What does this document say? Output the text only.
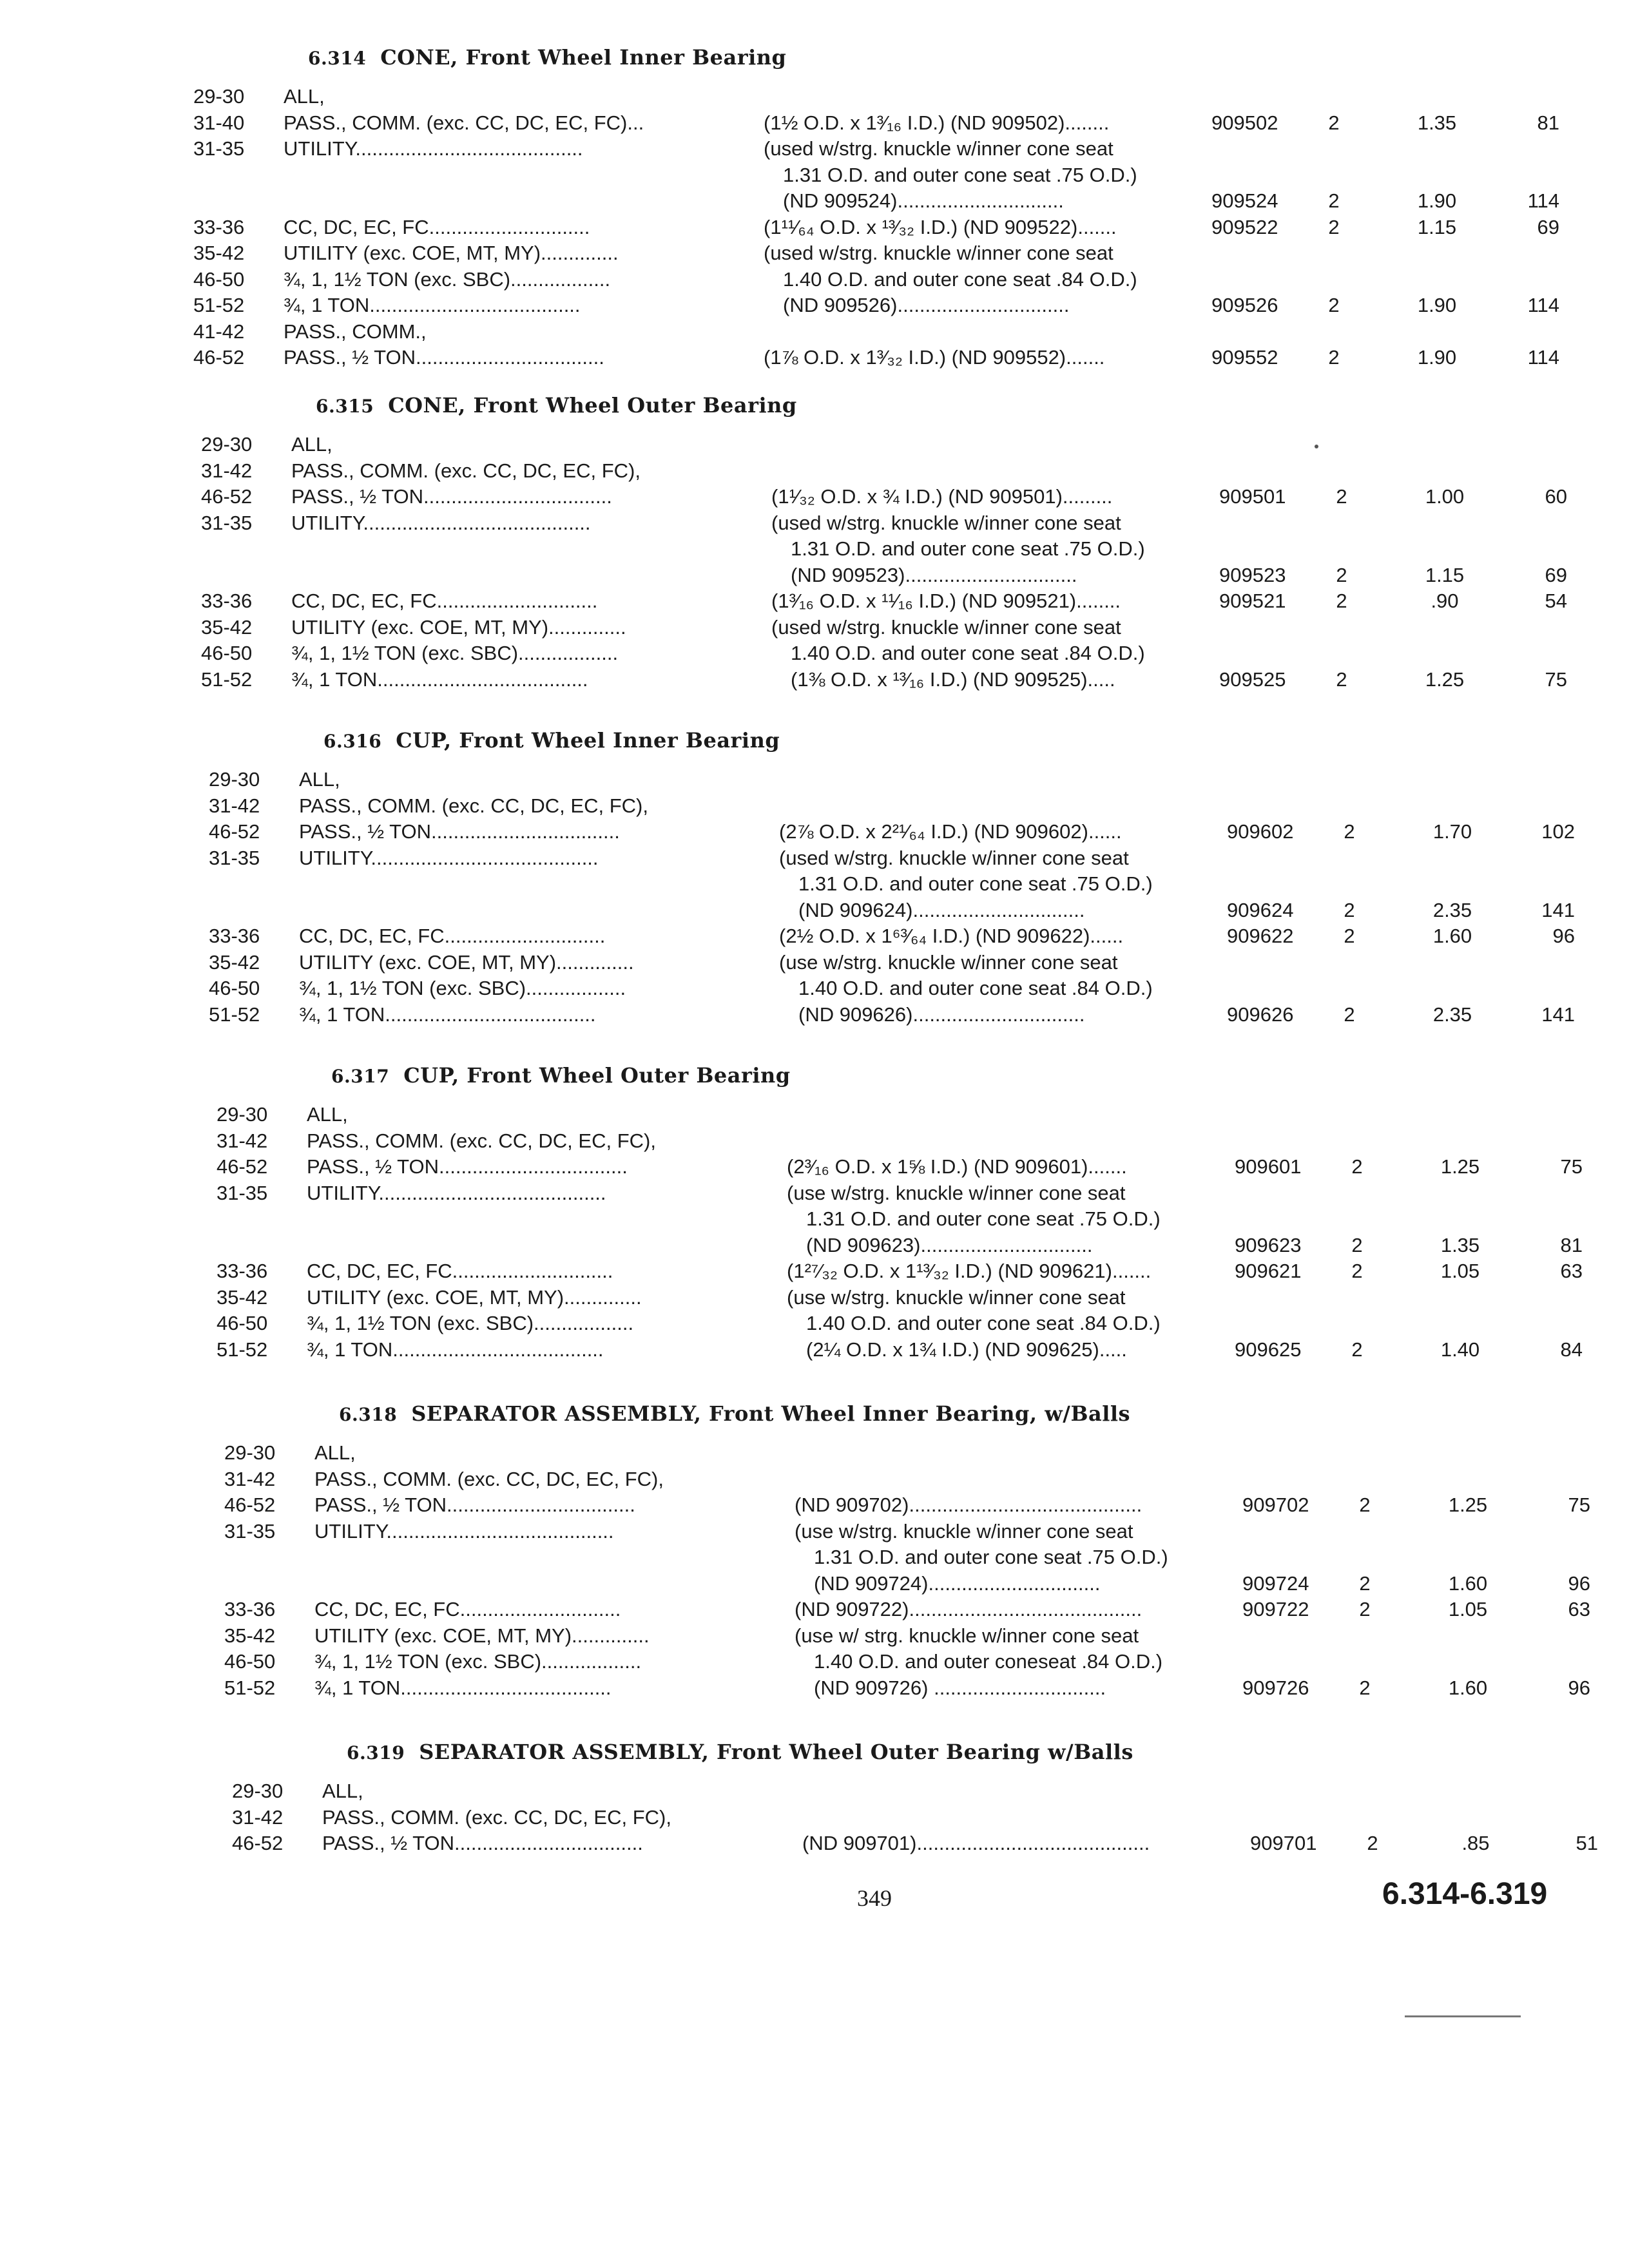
6.314 CONE, Front Wheel Inner Bearing
29-30	ALL,
31-40	PASS., COMM. (exc. CC, DC, EC, FC)...	(1½ O.D. x 1³⁄₁₆ I.D.) (ND 909502)........	909502	2	1.35	81
31-35	UTILITY.........................................	(used w/strg. knuckle w/inner cone seat
1.31 O.D. and outer cone seat .75 O.D.)
(ND 909524)..............................	909524	2	1.90	114
33-36	CC, DC, EC, FC.............................	(1¹¹⁄₆₄ O.D. x ¹³⁄₃₂ I.D.) (ND 909522).......	909522	2	1.15	69
35-42	UTILITY (exc. COE, MT, MY)..............	(used w/strg. knuckle w/inner cone seat
46-50	¾, 1, 1½ TON (exc. SBC)..................	1.40 O.D. and outer cone seat .84 O.D.)
51-52	¾, 1 TON......................................	(ND 909526)...............................	909526	2	1.90	114
41-42	PASS., COMM.,
46-52	PASS., ½ TON..................................	(1⅞ O.D. x 1³⁄₃₂ I.D.) (ND 909552).......	909552	2	1.90	114
6.315 CONE, Front Wheel Outer Bearing
29-30	ALL,
31-42	PASS., COMM. (exc. CC, DC, EC, FC),
46-52	PASS., ½ TON..................................	(1¹⁄₃₂ O.D. x ¾ I.D.) (ND 909501).........	909501	2	1.00	60
31-35	UTILITY.........................................	(used w/strg. knuckle w/inner cone seat
1.31 O.D. and outer cone seat .75 O.D.)
(ND 909523)...............................	909523	2	1.15	69
33-36	CC, DC, EC, FC.............................	(1³⁄₁₆ O.D. x ¹¹⁄₁₆ I.D.) (ND 909521)........	909521	2	.90	54
35-42	UTILITY (exc. COE, MT, MY)..............	(used w/strg. knuckle w/inner cone seat
46-50	¾, 1, 1½ TON (exc. SBC)..................	1.40 O.D. and outer cone seat .84 O.D.)
51-52	¾, 1 TON......................................	(1⅜ O.D. x ¹³⁄₁₆ I.D.) (ND 909525).....	909525	2	1.25	75
6.316 CUP, Front Wheel Inner Bearing
29-30	ALL,
31-42	PASS., COMM. (exc. CC, DC, EC, FC),
46-52	PASS., ½ TON..................................	(2⅞ O.D. x 2²¹⁄₆₄ I.D.) (ND 909602)......	909602	2	1.70	102
31-35	UTILITY.........................................	(used w/strg. knuckle w/inner cone seat
1.31 O.D. and outer cone seat .75 O.D.)
(ND 909624)...............................	909624	2	2.35	141
33-36	CC, DC, EC, FC.............................	(2½ O.D. x 1⁶³⁄₆₄ I.D.) (ND 909622)......	909622	2	1.60	96
35-42	UTILITY (exc. COE, MT, MY)..............	(use w/strg. knuckle w/inner cone seat
46-50	¾, 1, 1½ TON (exc. SBC)..................	1.40 O.D. and outer cone seat .84 O.D.)
51-52	¾, 1 TON......................................	(ND 909626)...............................	909626	2	2.35	141
6.317 CUP, Front Wheel Outer Bearing
29-30	ALL,
31-42	PASS., COMM. (exc. CC, DC, EC, FC),
46-52	PASS., ½ TON..................................	(2³⁄₁₆ O.D. x 1⅝ I.D.) (ND 909601).......	909601	2	1.25	75
31-35	UTILITY.........................................	(use w/strg. knuckle w/inner cone seat
1.31 O.D. and outer cone seat .75 O.D.)
(ND 909623)...............................	909623	2	1.35	81
33-36	CC, DC, EC, FC.............................	(1²⁷⁄₃₂ O.D. x 1¹³⁄₃₂ I.D.) (ND 909621).......	909621	2	1.05	63
35-42	UTILITY (exc. COE, MT, MY)..............	(use w/strg. knuckle w/inner cone seat
46-50	¾, 1, 1½ TON (exc. SBC)..................	1.40 O.D. and outer cone seat .84 O.D.)
51-52	¾, 1 TON......................................	(2¼ O.D. x 1¾ I.D.) (ND 909625).....	909625	2	1.40	84
6.318 SEPARATOR ASSEMBLY, Front Wheel Inner Bearing, w/Balls
29-30	ALL,
31-42	PASS., COMM. (exc. CC, DC, EC, FC),
46-52	PASS., ½ TON..................................	(ND 909702)..........................................	909702	2	1.25	75
31-35	UTILITY.........................................	(use w/strg. knuckle w/inner cone seat
1.31 O.D. and outer cone seat .75 O.D.)
(ND 909724)...............................	909724	2	1.60	96
33-36	CC, DC, EC, FC.............................	(ND 909722)..........................................	909722	2	1.05	63
35-42	UTILITY (exc. COE, MT, MY)..............	(use w/ strg. knuckle w/inner cone seat
46-50	¾, 1, 1½ TON (exc. SBC)..................	1.40 O.D. and outer coneseat .84 O.D.)
51-52	¾, 1 TON......................................	(ND 909726) ...............................	909726	2	1.60	96
6.319 SEPARATOR ASSEMBLY, Front Wheel Outer Bearing w/Balls
29-30	ALL,
31-42	PASS., COMM. (exc. CC, DC, EC, FC),
46-52	PASS., ½ TON..................................	(ND 909701)..........................................	909701	2	.85	51
349	6.314-6.319
